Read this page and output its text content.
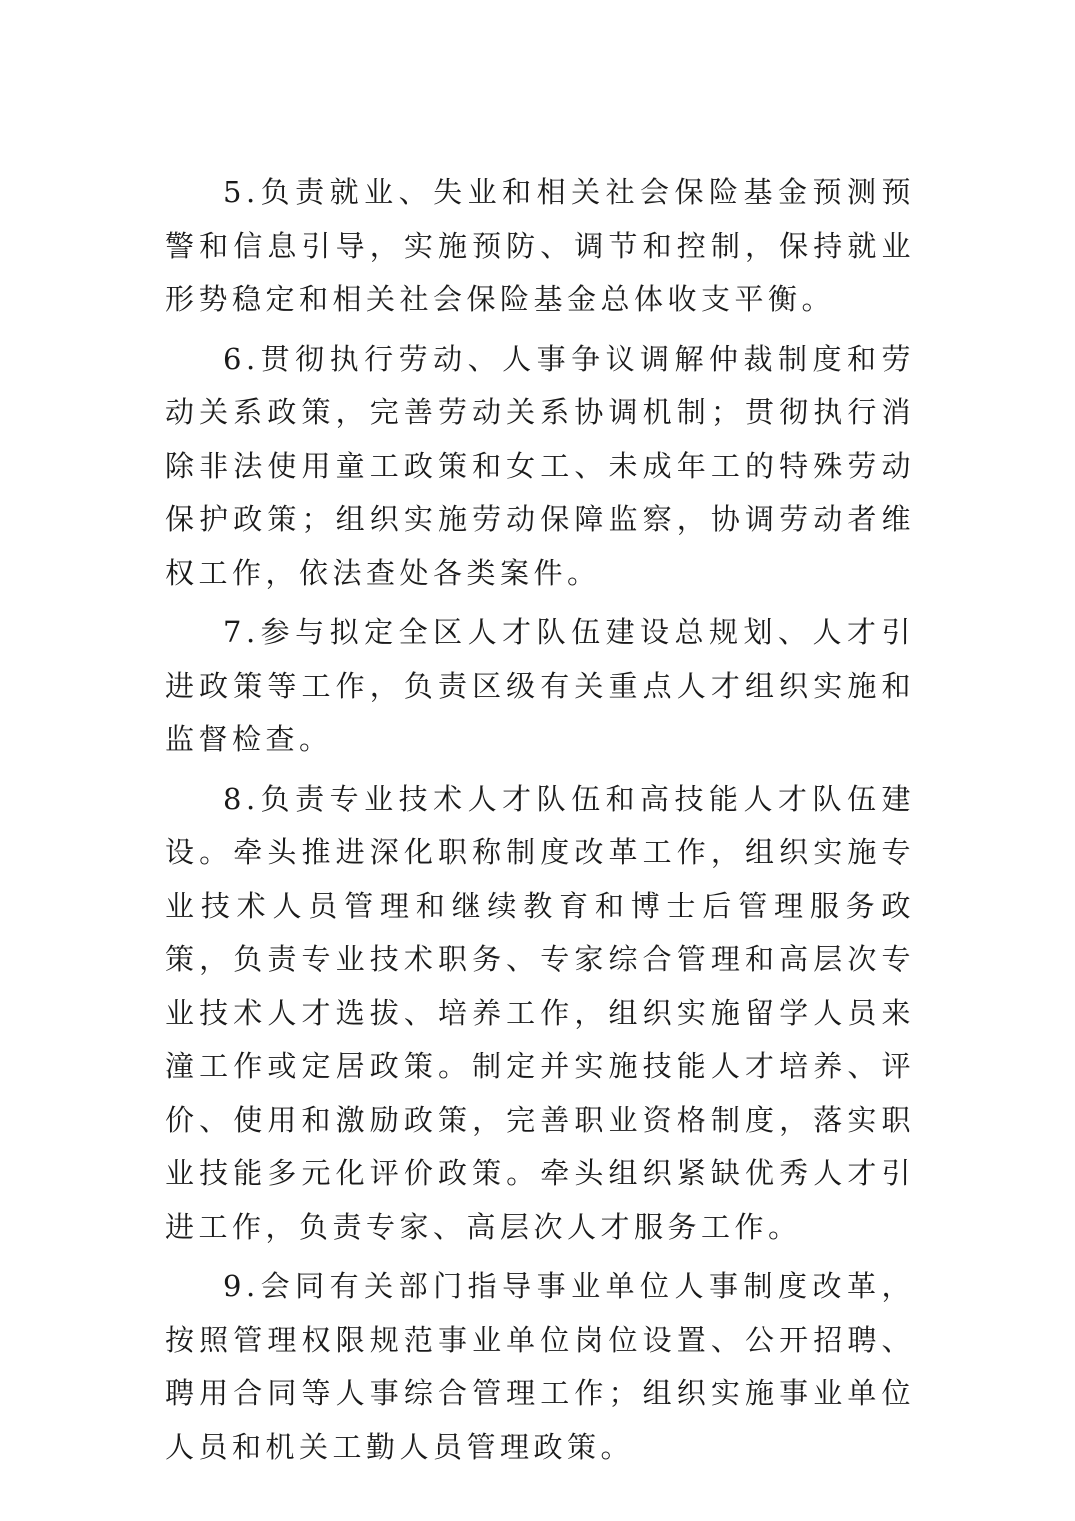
5.负责就业、失业和相关社会保险基金预测预警和信息引导，实施预防、调节和控制，保持就业形势稳定和相关社会保险基金总体收支平衡。

6.贯彻执行劳动、人事争议调解仲裁制度和劳动关系政策，完善劳动关系协调机制；贯彻执行消除非法使用童工政策和女工、未成年工的特殊劳动保护政策；组织实施劳动保障监察，协调劳动者维权工作，依法查处各类案件。

7.参与拟定全区人才队伍建设总规划、人才引进政策等工作，负责区级有关重点人才组织实施和监督检查。

8.负责专业技术人才队伍和高技能人才队伍建设。牵头推进深化职称制度改革工作，组织实施专业技术人员管理和继续教育和博士后管理服务政策，负责专业技术职务、专家综合管理和高层次专业技术人才选拔、培养工作，组织实施留学人员来潼工作或定居政策。制定并实施技能人才培养、评价、使用和激励政策，完善职业资格制度，落实职业技能多元化评价政策。牵头组织紧缺优秀人才引进工作，负责专家、高层次人才服务工作。

9.会同有关部门指导事业单位人事制度改革，按照管理权限规范事业单位岗位设置、公开招聘、聘用合同等人事综合管理工作；组织实施事业单位人员和机关工勤人员管理政策。
